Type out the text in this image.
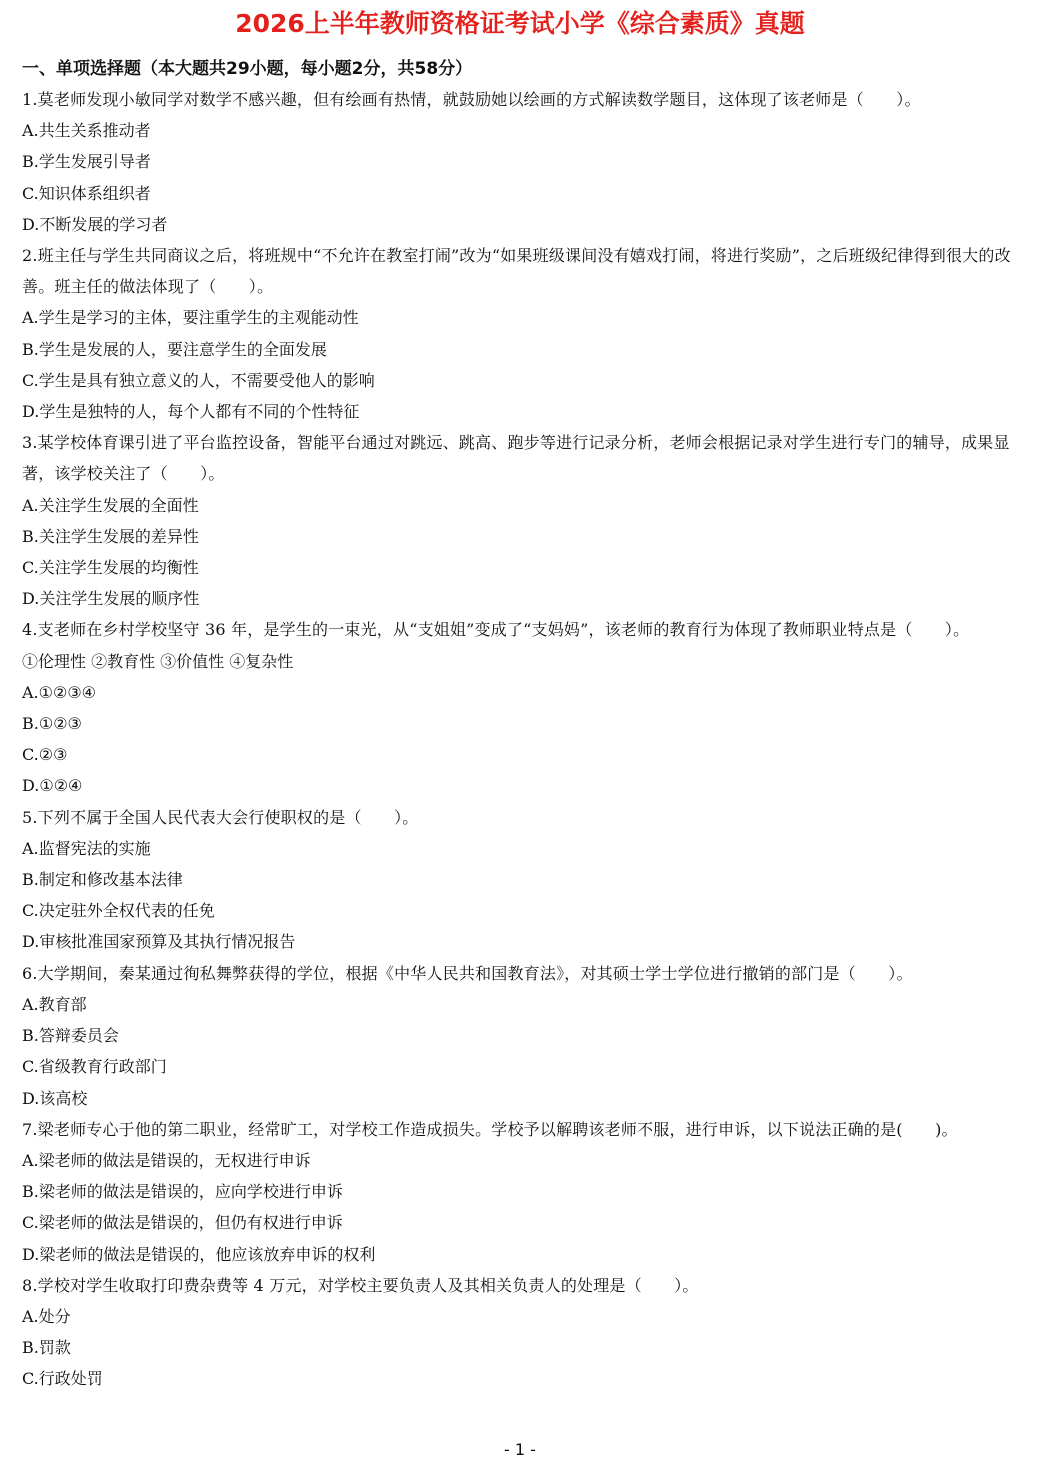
2026上半年教师资格证考试小学《综合素质》真题
一、单项选择题（本大题共29小题，每小题2分，共58分）
1.莫老师发现小敏同学对数学不感兴趣，但有绘画有热情，就鼓励她以绘画的方式解读数学题目，这体现了该老师是（　　）。
A.共生关系推动者
B.学生发展引导者
C.知识体系组织者
D.不断发展的学习者
2.班主任与学生共同商议之后，将班规中“不允许在教室打闹”改为“如果班级课间没有嬉戏打闹，将进行奖励”，之后班级纪律得到很大的改善。班主任的做法体现了（　　）。
A.学生是学习的主体，要注重学生的主观能动性
B.学生是发展的人，要注意学生的全面发展
C.学生是具有独立意义的人，不需要受他人的影响
D.学生是独特的人，每个人都有不同的个性特征
3.某学校体育课引进了平台监控设备，智能平台通过对跳远、跳高、跑步等进行记录分析，老师会根据记录对学生进行专门的辅导，成果显著，该学校关注了（　　）。
A.关注学生发展的全面性
B.关注学生发展的差异性
C.关注学生发展的均衡性
D.关注学生发展的顺序性
4.支老师在乡村学校坚守 36 年，是学生的一束光，从“支姐姐”变成了“支妈妈”，该老师的教育行为体现了教师职业特点是（　　）。
①伦理性 ②教育性 ③价值性 ④复杂性
A.①②③④
B.①②③
C.②③
D.①②④
5.下列不属于全国人民代表大会行使职权的是（　　）。
A.监督宪法的实施
B.制定和修改基本法律
C.决定驻外全权代表的任免
D.审核批准国家预算及其执行情况报告
6.大学期间，秦某通过徇私舞弊获得的学位，根据《中华人民共和国教育法》，对其硕士学士学位进行撤销的部门是（　　）。
A.教育部
B.答辩委员会
C.省级教育行政部门
D.该高校
7.梁老师专心于他的第二职业，经常旷工，对学校工作造成损失。学校予以解聘该老师不服，进行申诉，以下说法正确的是(　　)。
A.梁老师的做法是错误的，无权进行申诉
B.梁老师的做法是错误的，应向学校进行申诉
C.梁老师的做法是错误的，但仍有权进行申诉
D.梁老师的做法是错误的，他应该放弃申诉的权利
8.学校对学生收取打印费杂费等 4 万元，对学校主要负责人及其相关负责人的处理是（　　）。
A.处分
B.罚款
C.行政处罚
- 1 -
